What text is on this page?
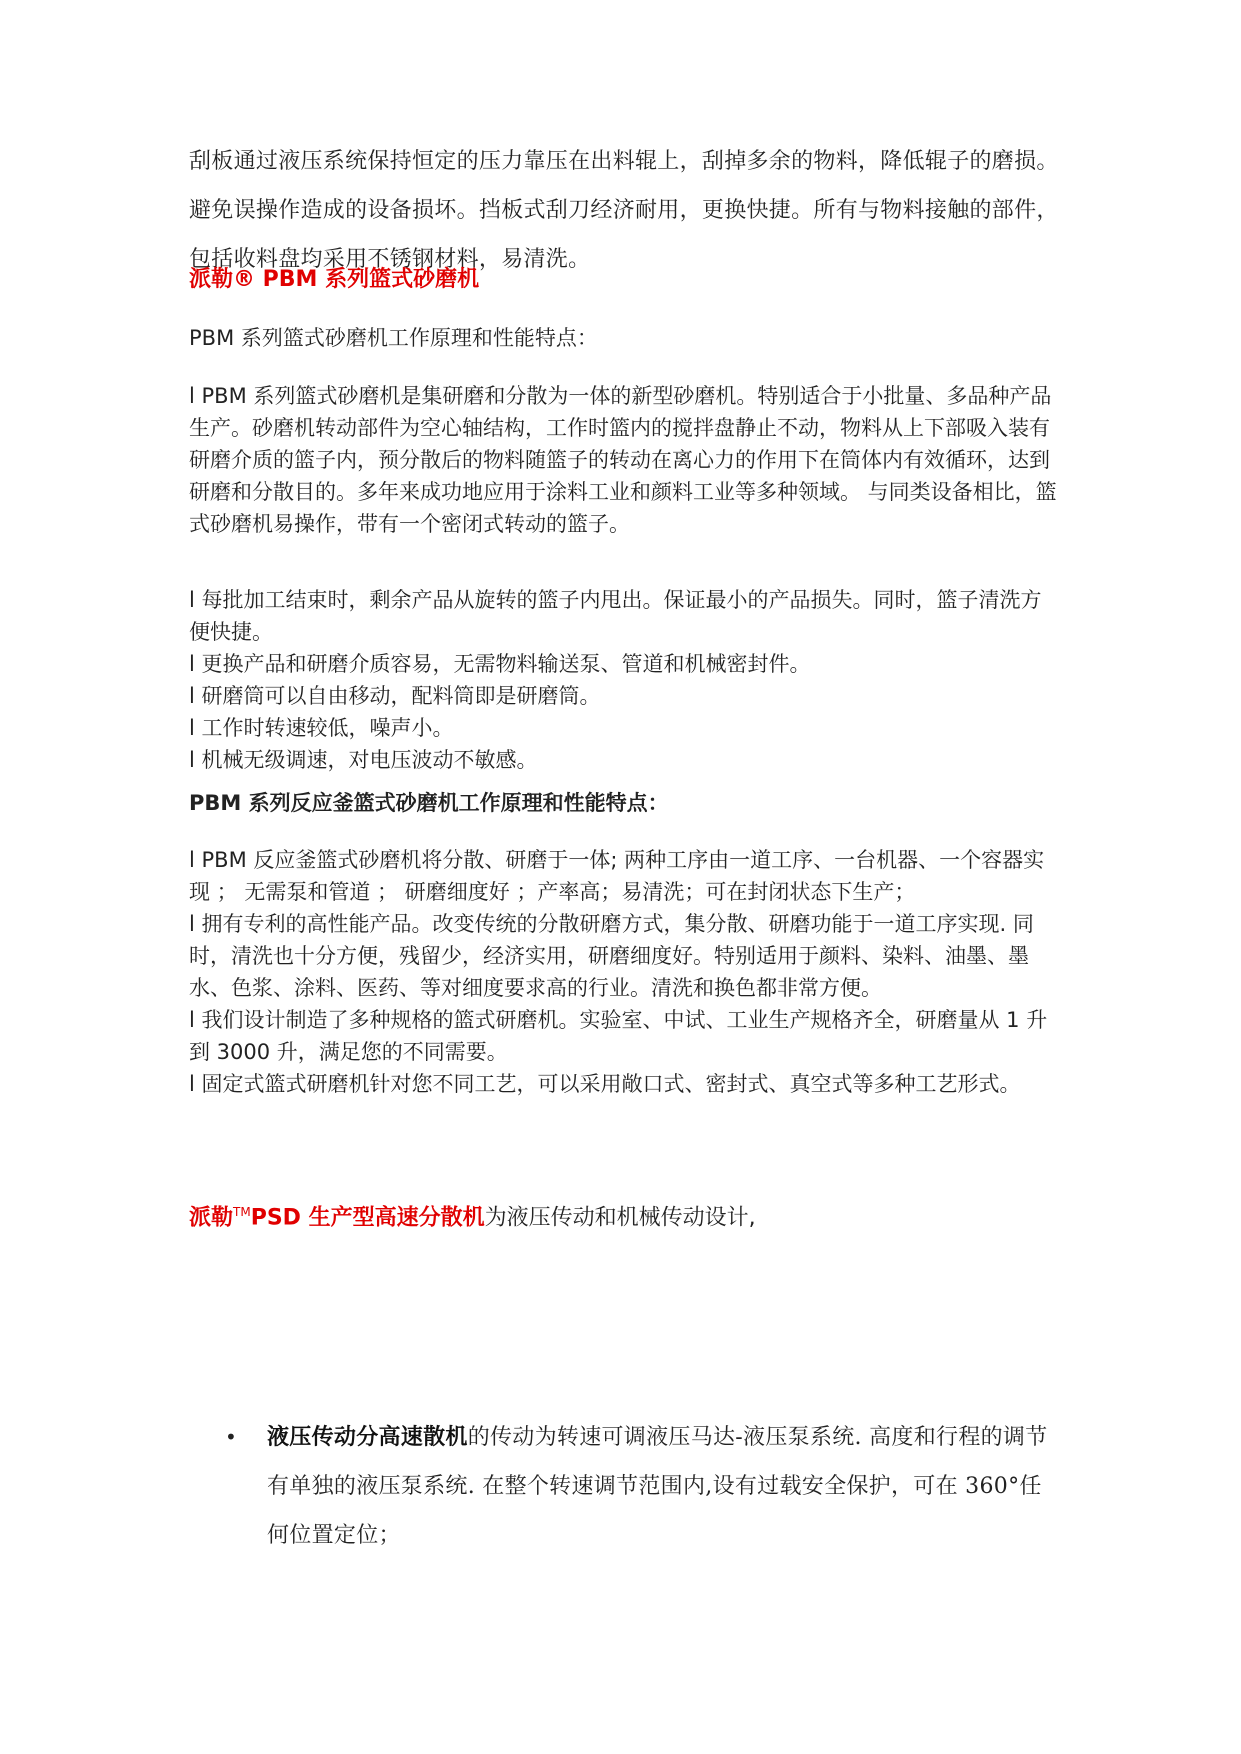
刮板通过液压系统保持恒定的压力靠压在出料辊上，刮掉多余的物料，降低辊子的磨损。避免误操作造成的设备损坏。挡板式刮刀经济耐用，更换快捷。所有与物料接触的部件，包括收料盘均采用不锈钢材料，易清洗。

派勒® PBM 系列篮式砂磨机

PBM 系列篮式砂磨机工作原理和性能特点：

l PBM 系列篮式砂磨机是集研磨和分散为一体的新型砂磨机。特别适合于小批量、多品种产品生产。砂磨机转动部件为空心轴结构，工作时篮内的搅拌盘静止不动，物料从上下部吸入装有研磨介质的篮子内，预分散后的物料随篮子的转动在离心力的作用下在筒体内有效循环，达到研磨和分散目的。多年来成功地应用于涂料工业和颜料工业等多种领域。 与同类设备相比，篮式砂磨机易操作，带有一个密闭式转动的篮子。

l 每批加工结束时，剩余产品从旋转的篮子内甩出。保证最小的产品损失。同时，篮子清洗方便快捷。

l 更换产品和研磨介质容易，无需物料输送泵、管道和机械密封件。

l 研磨筒可以自由移动，配料筒即是研磨筒。

l 工作时转速较低，噪声小。

l 机械无级调速，对电压波动不敏感。

PBM 系列反应釜篮式砂磨机工作原理和性能特点：

l PBM 反应釜篮式砂磨机将分散、研磨于一体; 两种工序由一道工序、一台机器、一个容器实现 ； 无需泵和管道 ； 研磨细度好 ；产率高；易清洗；可在封闭状态下生产；

l 拥有专利的高性能产品。改变传统的分散研磨方式，集分散、研磨功能于一道工序实现. 同时，清洗也十分方便，残留少，经济实用，研磨细度好。特别适用于颜料、染料、油墨、墨水、色浆、涂料、医药、等对细度要求高的行业。清洗和换色都非常方便。

l 我们设计制造了多种规格的篮式研磨机。实验室、中试、工业生产规格齐全，研磨量从 1 升到 3000 升，满足您的不同需要。

l 固定式篮式研磨机针对您不同工艺，可以采用敞口式、密封式、真空式等多种工艺形式。

派勒™PSD 生产型高速分散机为液压传动和机械传动设计,
• 液压传动分高速散机的传动为转速可调液压马达-液压泵系统. 高度和行程的调节有单独的液压泵系统. 在整个转速调节范围内,设有过载安全保护，可在 360°任何位置定位；
